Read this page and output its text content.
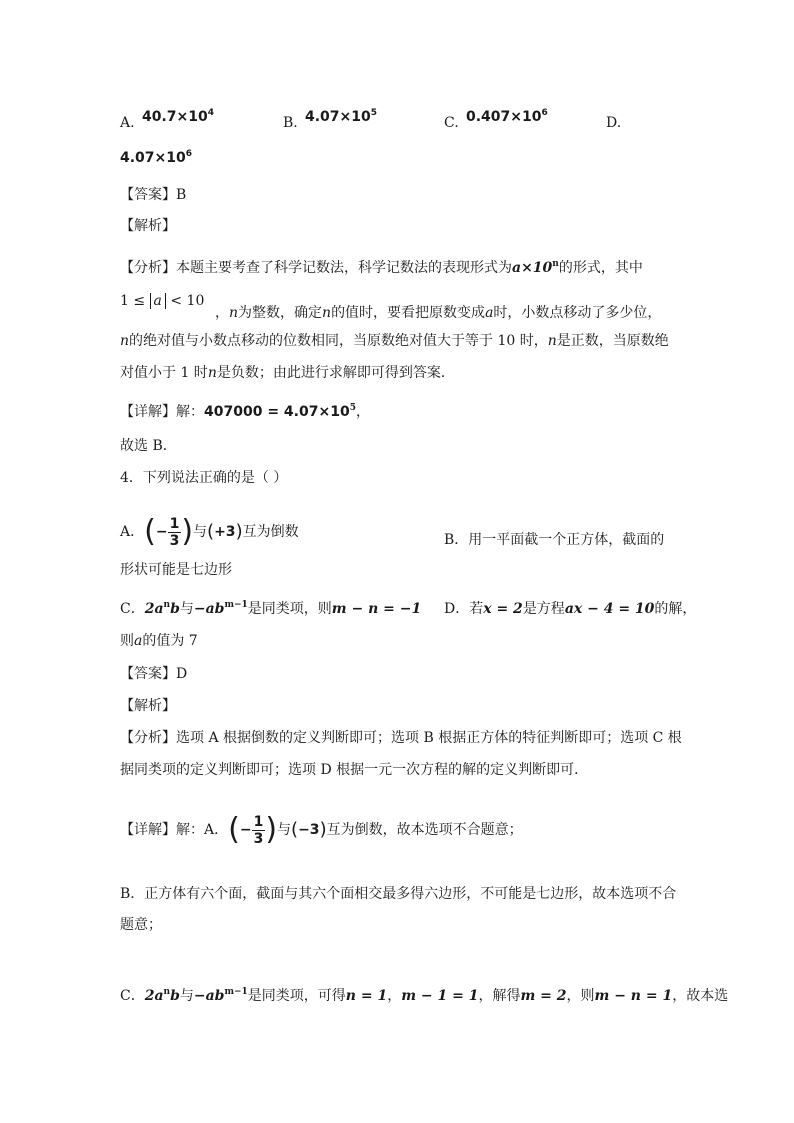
A. $40.7\times 10^4$
B. $4.07\times 10^5$
C. $0.407\times 10^6$
D.
$4.07\times 10^6$
【答案】B
【解析】
【分析】本题主要考查了科学记数法，科学记数法的表现形式为$a\times 10^n$的形式，其中
1 ≤ a < 10
，n为整数，确定n的值时，要看把原数变成a时，小数点移动了多少位，
n的绝对值与小数点移动的位数相同，当原数绝对值大于等于 10 时，n是正数，当原数绝
对值小于 1 时n是负数；由此进行求解即可得到答案．
【详解】解：$407000 = 4.07\times 10^5$，
故选 B．
4．下列说法正确的是（ ）
A．(− $\frac{1}{3}$ )与(+3)互为倒数	B．用一平面截一个正方体，截面的
形状可能是七边形
C．$2a^nb$与$-ab^{m-1}$是同类项，则m − n = −1 D．若x = 2是方程ax − 4 = 10的解，
则a的值为 7
【答案】D
【解析】
【分析】选项 A 根据倒数的定义判断即可；选项 B 根据正方体的特征判断即可；选项 C 根
据同类项的定义判断即可；选项 D 根据一元一次方程的解的定义判断即可．
【详解】解：A．(− $\frac{1}{3}$ )与(−3)互为倒数，故本选项不合题意；
B．正方体有六个面，截面与其六个面相交最多得六边形，不可能是七边形，故本选项不合
题意；
C．$2a^nb$与$-ab^{m-1}$是同类项，可得n = 1，m − 1 = 1，解得m = 2，则m − n = 1，故本选
